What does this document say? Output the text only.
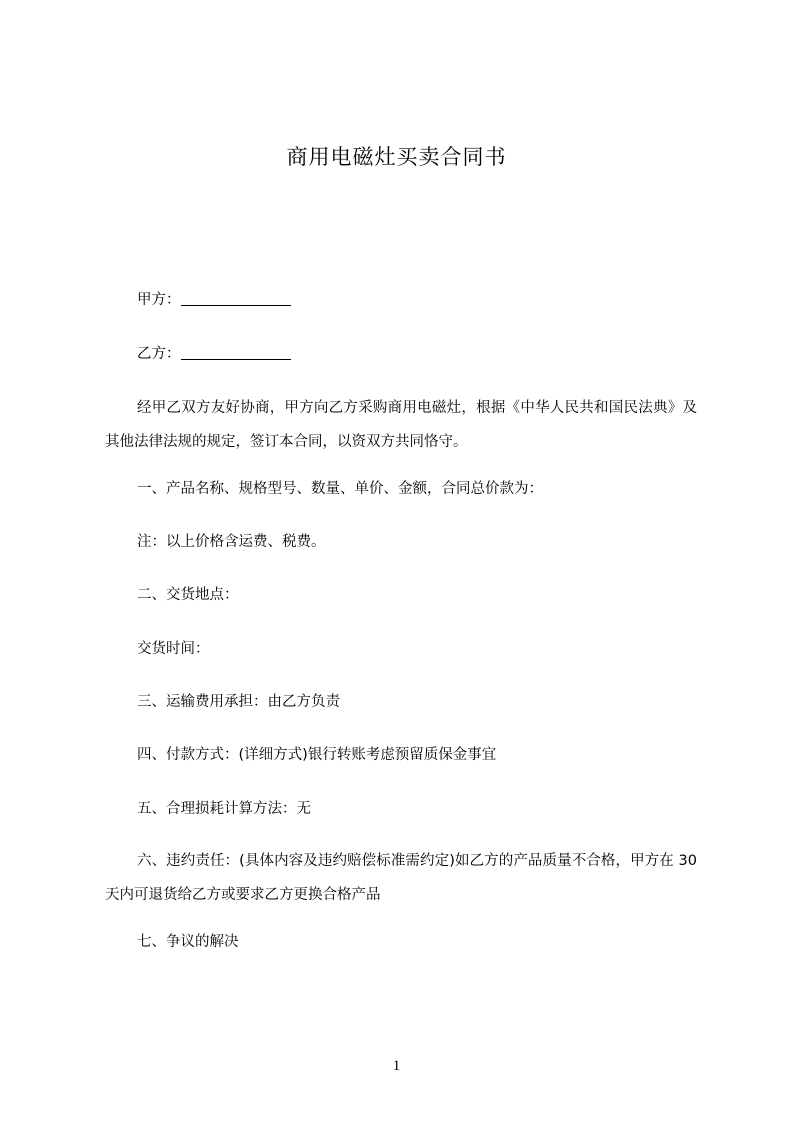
商用电磁灶买卖合同书
甲方：
乙方：
经甲乙双方友好协商，甲方向乙方采购商用电磁灶，根据《中华人民共和国民法典》及其他法律法规的规定，签订本合同，以资双方共同恪守。
一、产品名称、规格型号、数量、单价、金额，合同总价款为：
注：以上价格含运费、税费。
二、交货地点：
交货时间：
三、运输费用承担：由乙方负责
四、付款方式：(详细方式)银行转账考虑预留质保金事宜
五、合理损耗计算方法：无
六、违约责任：(具体内容及违约赔偿标准需约定)如乙方的产品质量不合格，甲方在 30 天内可退货给乙方或要求乙方更换合格产品
七、争议的解决
1
